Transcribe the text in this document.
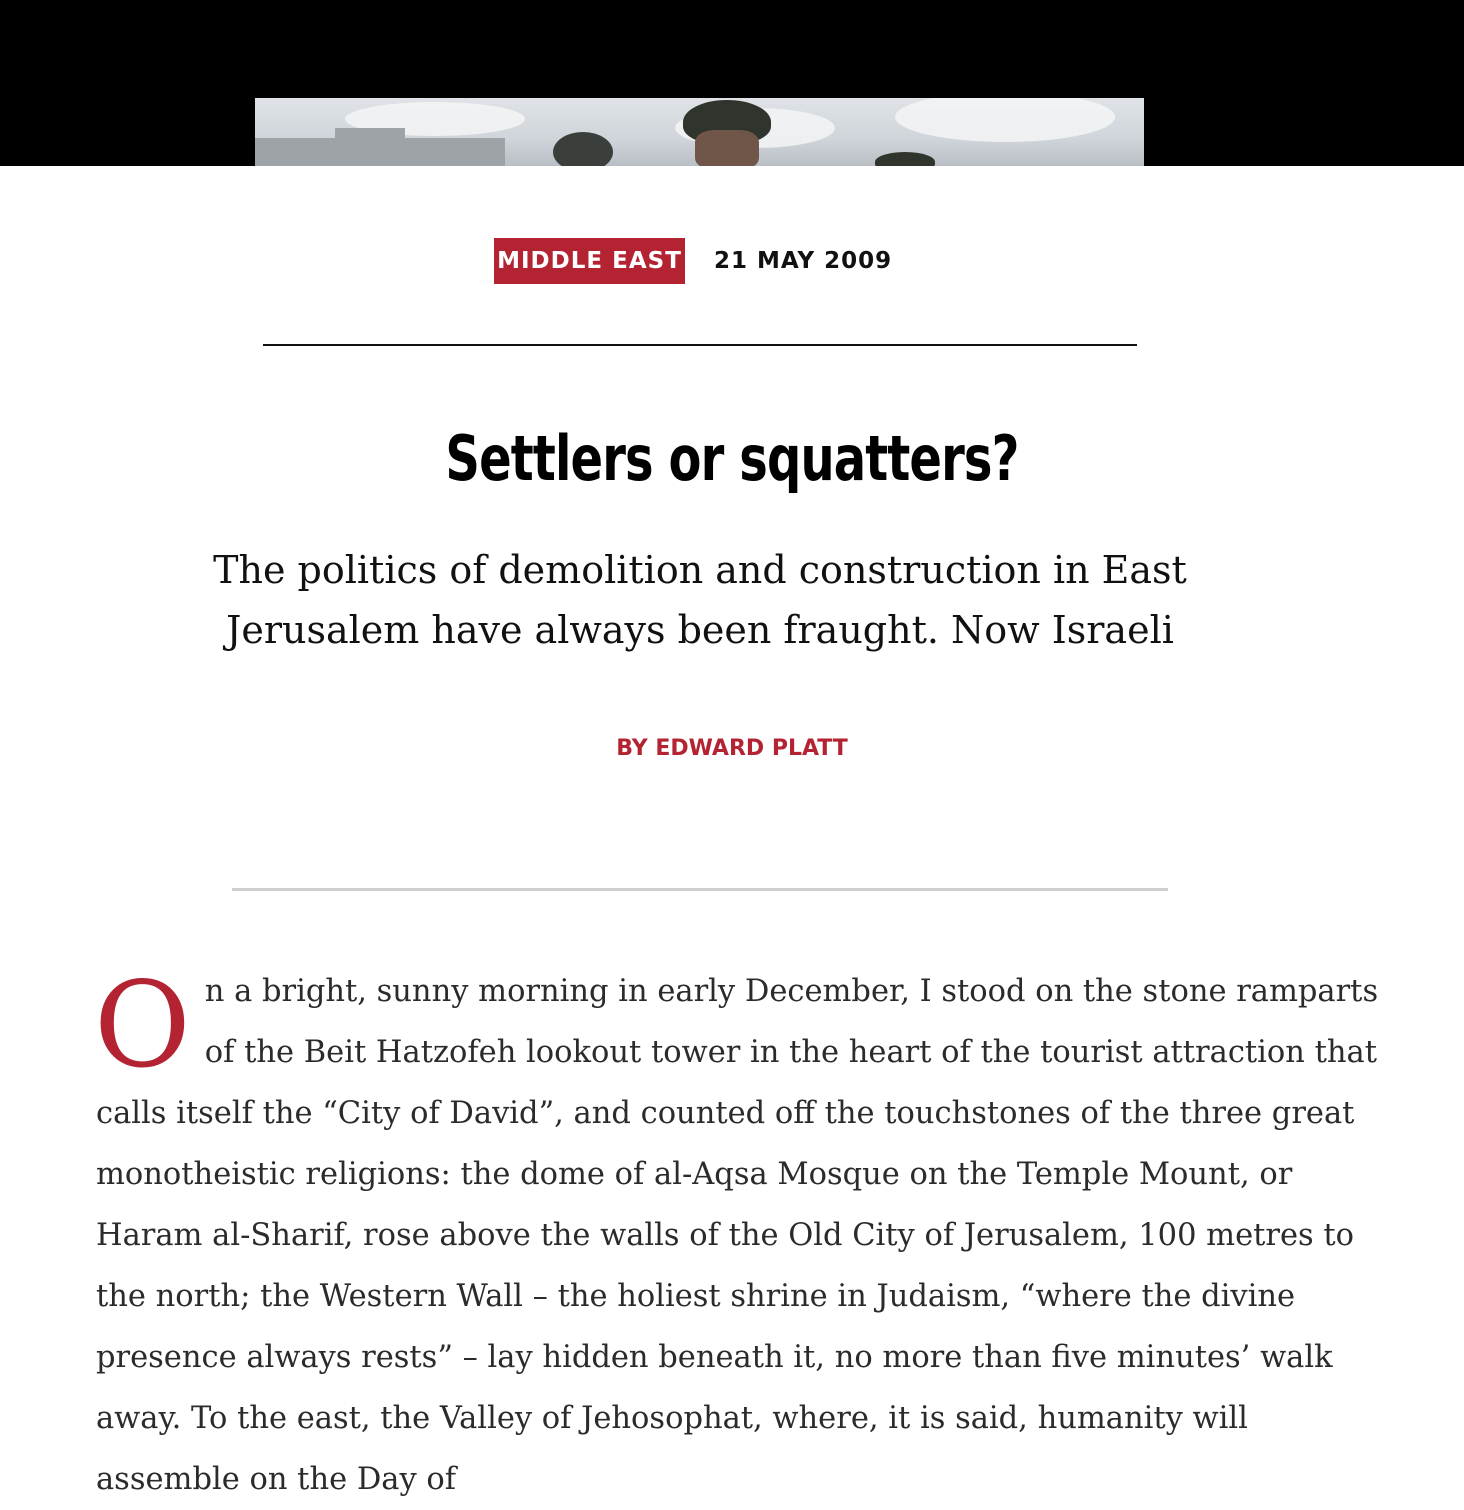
MIDDLE EAST 21 MAY 2009
Settlers or squatters?

The politics of demolition and construction in East Jerusalem have always been fraught. Now Israeli

BY EDWARD PLATT

On a bright, sunny morning in early December, I stood on the stone ramparts of the Beit Hatzofeh lookout tower in the heart of the tourist attraction that calls itself the “City of David”, and counted off the touchstones of the three great monotheistic religions: the dome of al-Aqsa Mosque on the Temple Mount, or Haram al-Sharif, rose above the walls of the Old City of Jerusalem, 100 metres to the north; the Western Wall – the holiest shrine in Judaism, “where the divine presence always rests” – lay hidden beneath it, no more than five minutes’ walk away. To the east, the Valley of Jehosophat, where, it is said, humanity will assemble on the Day of
